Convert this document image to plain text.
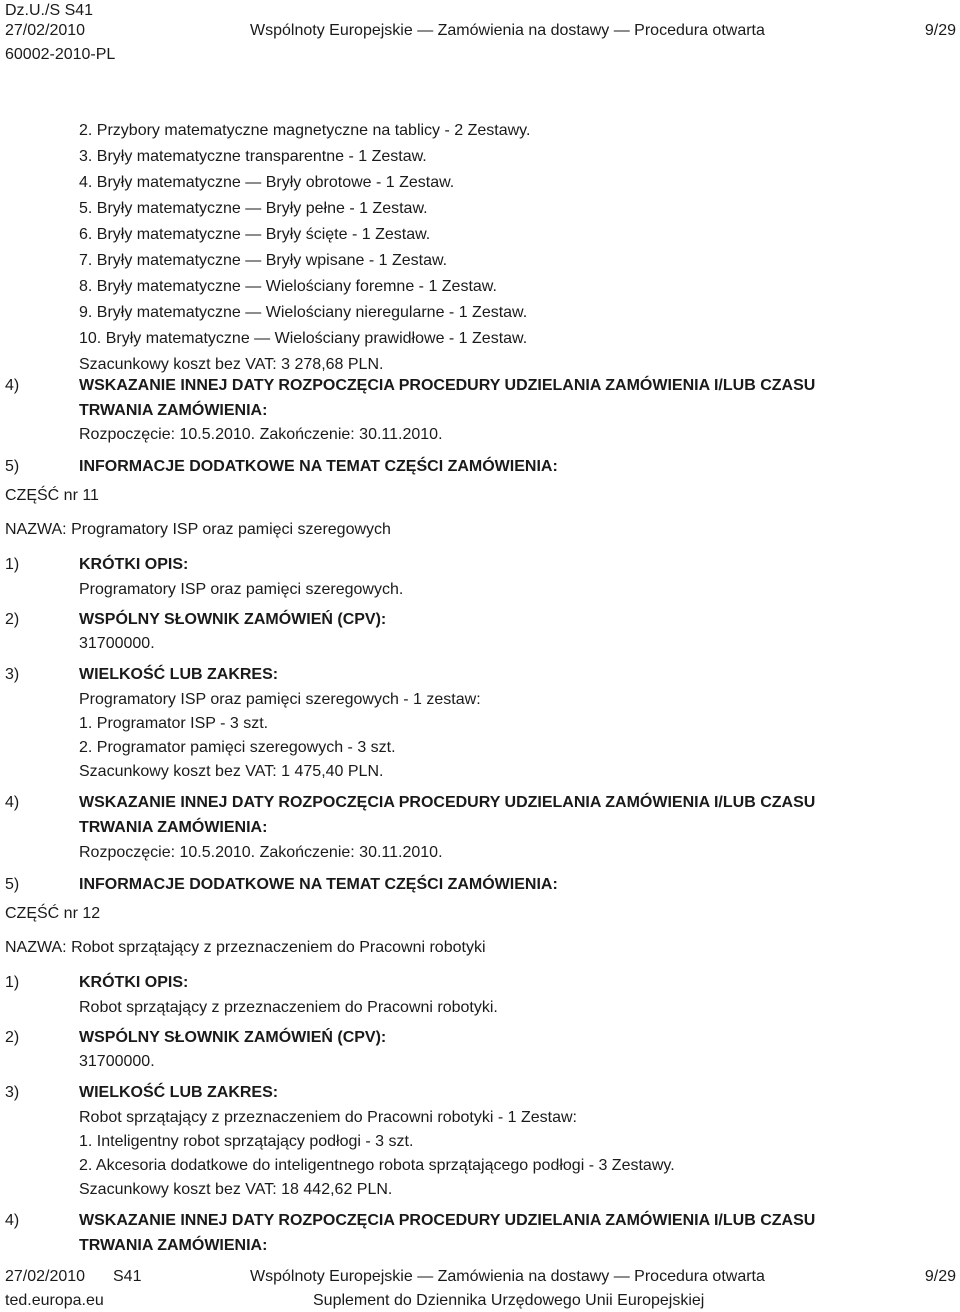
Dz.U./S S41
27/02/2010	Wspólnoty Europejskie — Zamówienia na dostawy — Procedura otwarta	9/29
60002-2010-PL
2. Przybory matematyczne magnetyczne na tablicy - 2 Zestawy.
3. Bryły matematyczne transparentne - 1 Zestaw.
4. Bryły matematyczne — Bryły obrotowe - 1 Zestaw.
5. Bryły matematyczne — Bryły pełne - 1 Zestaw.
6. Bryły matematyczne — Bryły ścięte - 1 Zestaw.
7. Bryły matematyczne — Bryły wpisane - 1 Zestaw.
8. Bryły matematyczne — Wielościany foremne - 1 Zestaw.
9. Bryły matematyczne — Wielościany nieregularne - 1 Zestaw.
10. Bryły matematyczne — Wielościany prawidłowe - 1 Zestaw.
Szacunkowy koszt bez VAT: 3 278,68 PLN.
4)	WSKAZANIE INNEJ DATY ROZPOCZĘCIA PROCEDURY UDZIELANIA ZAMÓWIENIA I/LUB CZASU
TRWANIA ZAMÓWIENIA:
Rozpoczęcie: 10.5.2010. Zakończenie: 30.11.2010.
5)	INFORMACJE DODATKOWE NA TEMAT CZĘŚCI ZAMÓWIENIA:
CZĘŚĆ nr 11
NAZWA: Programatory ISP oraz pamięci szeregowych
1)	KRÓTKI OPIS:
Programatory ISP oraz pamięci szeregowych.
2)	WSPÓLNY SŁOWNIK ZAMÓWIEŃ (CPV):
31700000.
3)	WIELKOŚĆ LUB ZAKRES:
Programatory ISP oraz pamięci szeregowych - 1 zestaw:
1. Programator ISP - 3 szt.
2. Programator pamięci szeregowych - 3 szt.
Szacunkowy koszt bez VAT: 1 475,40 PLN.
4)	WSKAZANIE INNEJ DATY ROZPOCZĘCIA PROCEDURY UDZIELANIA ZAMÓWIENIA I/LUB CZASU
TRWANIA ZAMÓWIENIA:
Rozpoczęcie: 10.5.2010. Zakończenie: 30.11.2010.
5)	INFORMACJE DODATKOWE NA TEMAT CZĘŚCI ZAMÓWIENIA:
CZĘŚĆ nr 12
NAZWA: Robot sprzątający z przeznaczeniem do Pracowni robotyki
1)	KRÓTKI OPIS:
Robot sprzątający z przeznaczeniem do Pracowni robotyki.
2)	WSPÓLNY SŁOWNIK ZAMÓWIEŃ (CPV):
31700000.
3)	WIELKOŚĆ LUB ZAKRES:
Robot sprzątający z przeznaczeniem do Pracowni robotyki - 1 Zestaw:
1. Inteligentny robot sprzątający podłogi - 3 szt.
2. Akcesoria dodatkowe do inteligentnego robota sprzątającego podłogi - 3 Zestawy.
Szacunkowy koszt bez VAT: 18 442,62 PLN.
4)	WSKAZANIE INNEJ DATY ROZPOCZĘCIA PROCEDURY UDZIELANIA ZAMÓWIENIA I/LUB CZASU
TRWANIA ZAMÓWIENIA:
27/02/2010 S41	Wspólnoty Europejskie — Zamówienia na dostawy — Procedura otwarta	9/29
ted.europa.eu	Suplement do Dziennika Urzędowego Unii Europejskiej
